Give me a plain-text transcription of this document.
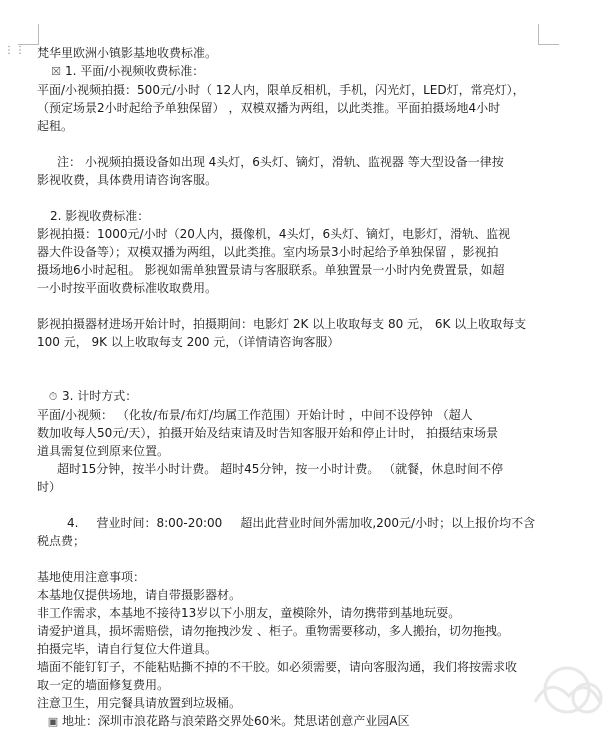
⋮⋮ 梵华里欧洲小镇影基地收费标准。

☒ 1. 平面/小视频收费标准：

平面/小视频拍摄：500元/小时（ 12人内，限单反相机，手机，闪光灯，LED灯，常亮灯），

（预定场景2小时起给予单独保留） ，双模双播为两组，以此类推。平面拍摄场地4小时

起租。

注： 小视频拍摄设备如出现 4头灯，6头灯、镝灯，滑轨、监视器 等大型设备一律按

影视收费，具体费用请咨询客服。

2. 影视收费标准：

影视拍摄：1000元/小时（20人内，摄像机，4头灯，6头灯、镝灯，电影灯，滑轨、监视

器大件设备等）；双模双播为两组，以此类推。室内场景3小时起给予单独保留 ，影视拍

摄场地6小时起租。 影视如需单独置景请与客服联系。单独置景一小时内免费置景，如超

一小时按平面收费标准收取费用。

影视拍摄器材进场开始计时，拍摄期间：电影灯 2K 以上收取每支 80 元， 6K 以上收取每支

100 元， 9K 以上收取每支 200 元，（详情请咨询客服）

⏱ 3. 计时方式：

平面/小视频： （化妆/布景/布灯/均属工作范围）开始计时 ，中间不设停钟 （超人

数加收每人50元/天），拍摄开始及结束请及时告知客服开始和停止计时， 拍摄结束场景

道具需复位到原来位置。

超时15分钟，按半小时计费。 超时45分钟，按一小时计费。 （就餐，休息时间不停

时）

4. 营业时间：8:00-20:00 超出此营业时间外需加收,200元/小时；以上报价均不含

税点费；

基地使用注意事项：

本基地仅提供场地，请自带摄影器材。

非工作需求，本基地不接待13岁以下小朋友，童模除外，请勿携带到基地玩耍。

请爱护道具，损坏需赔偿，请勿拖拽沙发 、柜子。重物需要移动，多人搬抬，切勿拖拽。

拍摄完毕，请自行复位大件道具。

墙面不能钉钉子，不能粘贴撕不掉的不干胶。如必须需要，请向客服沟通，我们将按需求收

取一定的墙面修复费用。

注意卫生，用完餐具请放置到垃圾桶。

▣ 地址：深圳市浪花路与浪荣路交界处60米。梵思诺创意产业园A区
